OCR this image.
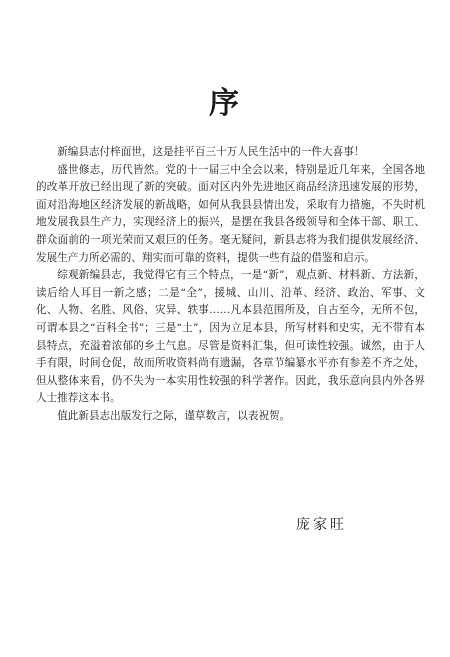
序

新编县志付梓面世，这是挂平百三十万人民生活中的一件大喜事！

盛世修志，历代皆然。党的十一届三中全会以来，特别是近几年来，全国各地的改革开放已经出现了新的突破。面对区内外先进地区商品经济迅速发展的形势，面对沿海地区经济发展的新战略，如何从我县县情出发，采取有力措施，不失时机地发展我县生产力，实现经济上的振兴，是摆在我县各级领导和全体干部、职工、群众面前的一项光荣而又艰巨的任务。毫无疑问，新县志将为我们提供发展经济、发展生产力所必需的、翔实而可靠的资料，提供一些有益的借鉴和启示。

综观新编县志，我觉得它有三个特点，一是“新”，观点新、材料新、方法新，读后给人耳目一新之感；二是“全”，援城、山川、沿革、经济、政治、军事、文化、人物、名胜、风俗、灾异、轶事……凡本县范围所及，自古至今，无所不包，可谓本县之“百科全书”；三是“土”，因为立足本县，所写材料和史实，无不带有本县特点，充溢着浓郁的乡土气息。尽管是资料汇集，但可读性较强。诚然，由于人手有限，时间仓促，故而所收资料尚有遗漏，各章节编纂水平亦有参差不齐之处，但从整体来看，仍不失为一本实用性较强的科学著作。因此，我乐意向县内外各界人士推荐这本书。

值此新县志出版发行之际，谨草数言，以表祝贺。

庞家旺
